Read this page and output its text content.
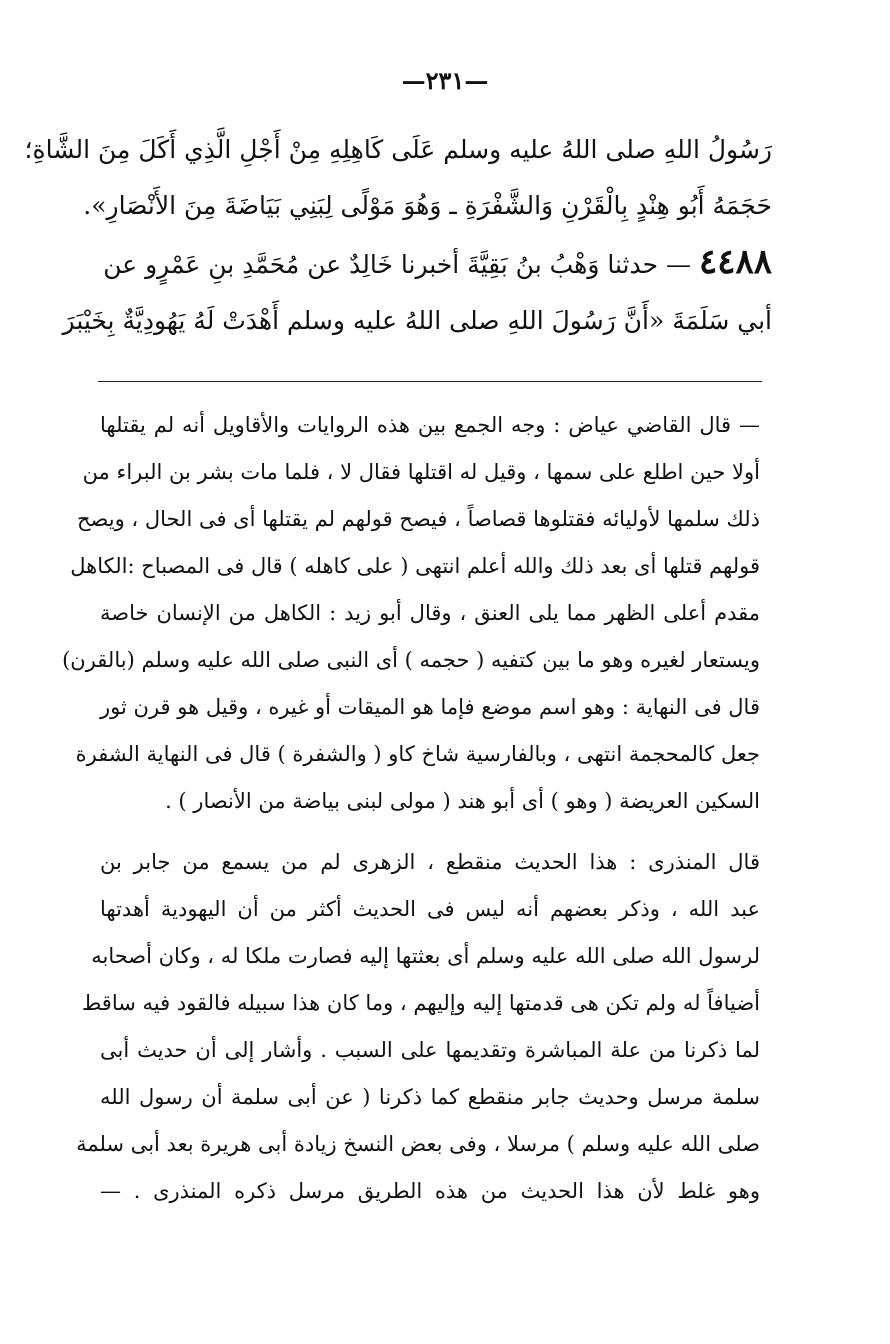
—٢٣١—
رَسُولُ اللهِ صلى اللهُ عليه وسلم عَلَى كَاهِلِهِ مِنْ أَجْلِ الَّذِي أَكَلَ مِنَ الشَّاةِ؛
حَجَمَهُ أَبُو هِنْدٍ بِالْقَرْنِ وَالشَّفْرَةِ ـ وَهُوَ مَوْلًى لِبَنِي بَيَاضَةَ مِنَ الأَنْصَارِ».
٤٤٨٨ — حدثنا وَهْبُ بنُ بَقِيَّةَ أخبرنا خَالِدٌ عن مُحَمَّدِ بنِ عَمْرٍو عن
أبي سَلَمَةَ «أَنَّ رَسُولَ اللهِ صلى اللهُ عليه وسلم أَهْدَتْ لَهُ يَهُودِيَّةٌ بِخَيْبَرَ
— قال القاضي عياض : وجه الجمع بين هذه الروايات والأقاويل أنه لم يقتلها
أولا حين اطلع على سمها ، وقيل له اقتلها فقال لا ، فلما مات بشر بن البراء من
ذلك سلمها لأوليائه فقتلوها قصاصاً ، فيصح قولهم لم يقتلها أى فى الحال ، ويصح
قولهم قتلها أى بعد ذلك والله أعلم انتهى ( على كاهله ) قال فى المصباح :الكاهل
مقدم أعلى الظهر مما يلى العنق ، وقال أبو زيد : الكاهل من الإنسان خاصة
ويستعار لغيره وهو ما بين كتفيه ( حجمه ) أى النبى صلى الله عليه وسلم (بالقرن)
قال فى النهاية : وهو اسم موضع فإما هو الميقات أو غيره ، وقيل هو قرن ثور
جعل كالمحجمة انتهى ، وبالفارسية شاخ كاو ( والشفرة ) قال فى النهاية الشفرة
السكين العريضة ( وهو ) أى أبو هند ( مولى لبنى بياضة من الأنصار ) .
قال المنذرى : هذا الحديث منقطع ، الزهرى لم من يسمع من جابر بن
عبد الله ، وذكر بعضهم أنه ليس فى الحديث أكثر من أن اليهودية أهدتها
لرسول الله صلى الله عليه وسلم أى بعثتها إليه فصارت ملكا له ، وكان أصحابه
أضيافاً له ولم تكن هى قدمتها إليه وإليهم ، وما كان هذا سبيله فالقود فيه ساقط
لما ذكرنا من علة المباشرة وتقديمها على السبب . وأشار إلى أن حديث أبى
سلمة مرسل وحديث جابر منقطع كما ذكرنا ( عن أبى سلمة أن رسول الله
صلى الله عليه وسلم ) مرسلا ، وفى بعض النسخ زيادة أبى هريرة بعد أبى سلمة
وهو غلط لأن هذا الحديث من هذه الطريق مرسل ذكره المنذرى . —
